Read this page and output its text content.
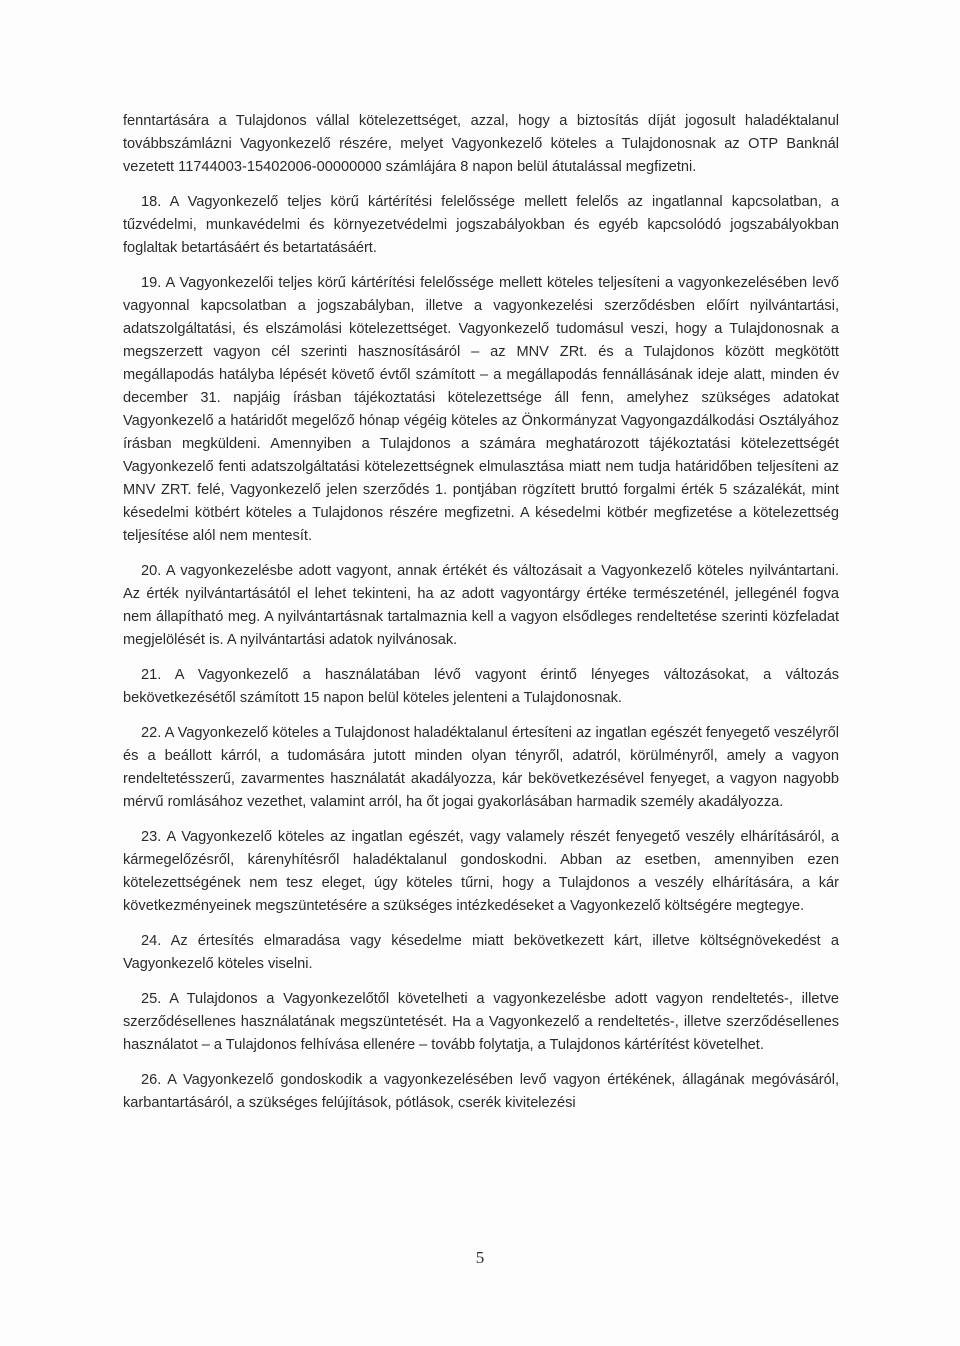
fenntartására a Tulajdonos vállal kötelezettséget, azzal, hogy a biztosítás díját jogosult haladéktalanul továbbszámlázni Vagyonkezelő részére, melyet Vagyonkezelő köteles a Tulajdonosnak az OTP Banknál vezetett 11744003-15402006-00000000 számlájára 8 napon belül átutalással megfizetni.

18. A Vagyonkezelő teljes körű kártérítési felelőssége mellett felelős az ingatlannal kapcsolatban, a tűzvédelmi, munkavédelmi és környezetvédelmi jogszabályokban és egyéb kapcsolódó jogszabályokban foglaltak betartásáért és betartatásáért.

19. A Vagyonkezelői teljes körű kártérítési felelőssége mellett köteles teljesíteni a vagyonkezelésében levő vagyonnal kapcsolatban a jogszabályban, illetve a vagyonkezelési szerződésben előírt nyilvántartási, adatszolgáltatási, és elszámolási kötelezettséget. Vagyonkezelő tudomásul veszi, hogy a Tulajdonosnak a megszerzett vagyon cél szerinti hasznosításáról – az MNV ZRt. és a Tulajdonos között megkötött megállapodás hatályba lépését követő évtől számított – a megállapodás fennállásának ideje alatt, minden év december 31. napjáig írásban tájékoztatási kötelezettsége áll fenn, amelyhez szükséges adatokat Vagyonkezelő a határidőt megelőző hónap végéig köteles az Önkormányzat Vagyongazdálkodási Osztályához írásban megküldeni. Amennyiben a Tulajdonos a számára meghatározott tájékoztatási kötelezettségét Vagyonkezelő fenti adatszolgáltatási kötelezettségnek elmulasztása miatt nem tudja határidőben teljesíteni az MNV ZRT. felé, Vagyonkezelő jelen szerződés 1. pontjában rögzített bruttó forgalmi érték 5 százalékát, mint késedelmi kötbért köteles a Tulajdonos részére megfizetni. A késedelmi kötbér megfizetése a kötelezettség teljesítése alól nem mentesít.

20. A vagyonkezelésbe adott vagyont, annak értékét és változásait a Vagyonkezelő köteles nyilvántartani. Az érték nyilvántartásától el lehet tekinteni, ha az adott vagyontárgy értéke természeténél, jellegénél fogva nem állapítható meg. A nyilvántartásnak tartalmaznia kell a vagyon elsődleges rendeltetése szerinti közfeladat megjelölését is. A nyilvántartási adatok nyilvánosak.

21. A Vagyonkezelő a használatában lévő vagyont érintő lényeges változásokat, a változás bekövetkezésétől számított 15 napon belül köteles jelenteni a Tulajdonosnak.

22. A Vagyonkezelő köteles a Tulajdonost haladéktalanul értesíteni az ingatlan egészét fenyegető veszélyről és a beállott kárról, a tudomására jutott minden olyan tényről, adatról, körülményről, amely a vagyon rendeltetésszerű, zavarmentes használatát akadályozza, kár bekövetkezésével fenyeget, a vagyon nagyobb mérvű romlásához vezethet, valamint arról, ha őt jogai gyakorlásában harmadik személy akadályozza.

23. A Vagyonkezelő köteles az ingatlan egészét, vagy valamely részét fenyegető veszély elhárításáról, a kármegelőzésről, kárenyhítésről haladéktalanul gondoskodni. Abban az esetben, amennyiben ezen kötelezettségének nem tesz eleget, úgy köteles tűrni, hogy a Tulajdonos a veszély elhárítására, a kár következményeinek megszüntetésére a szükséges intézkedéseket a Vagyonkezelő költségére megtegye.

24. Az értesítés elmaradása vagy késedelme miatt bekövetkezett kárt, illetve költségnövekedést a Vagyonkezelő köteles viselni.

25. A Tulajdonos a Vagyonkezelőtől követelheti a vagyonkezelésbe adott vagyon rendeltetés-, illetve szerződésellenes használatának megszüntetését. Ha a Vagyonkezelő a rendeltetés-, illetve szerződésellenes használatot – a Tulajdonos felhívása ellenére – tovább folytatja, a Tulajdonos kártérítést követelhet.

26. A Vagyonkezelő gondoskodik a vagyonkezelésében levő vagyon értékének, állagának megóvásáról, karbantartásáról, a szükséges felújítások, pótlások, cserék kivitelezési

5
